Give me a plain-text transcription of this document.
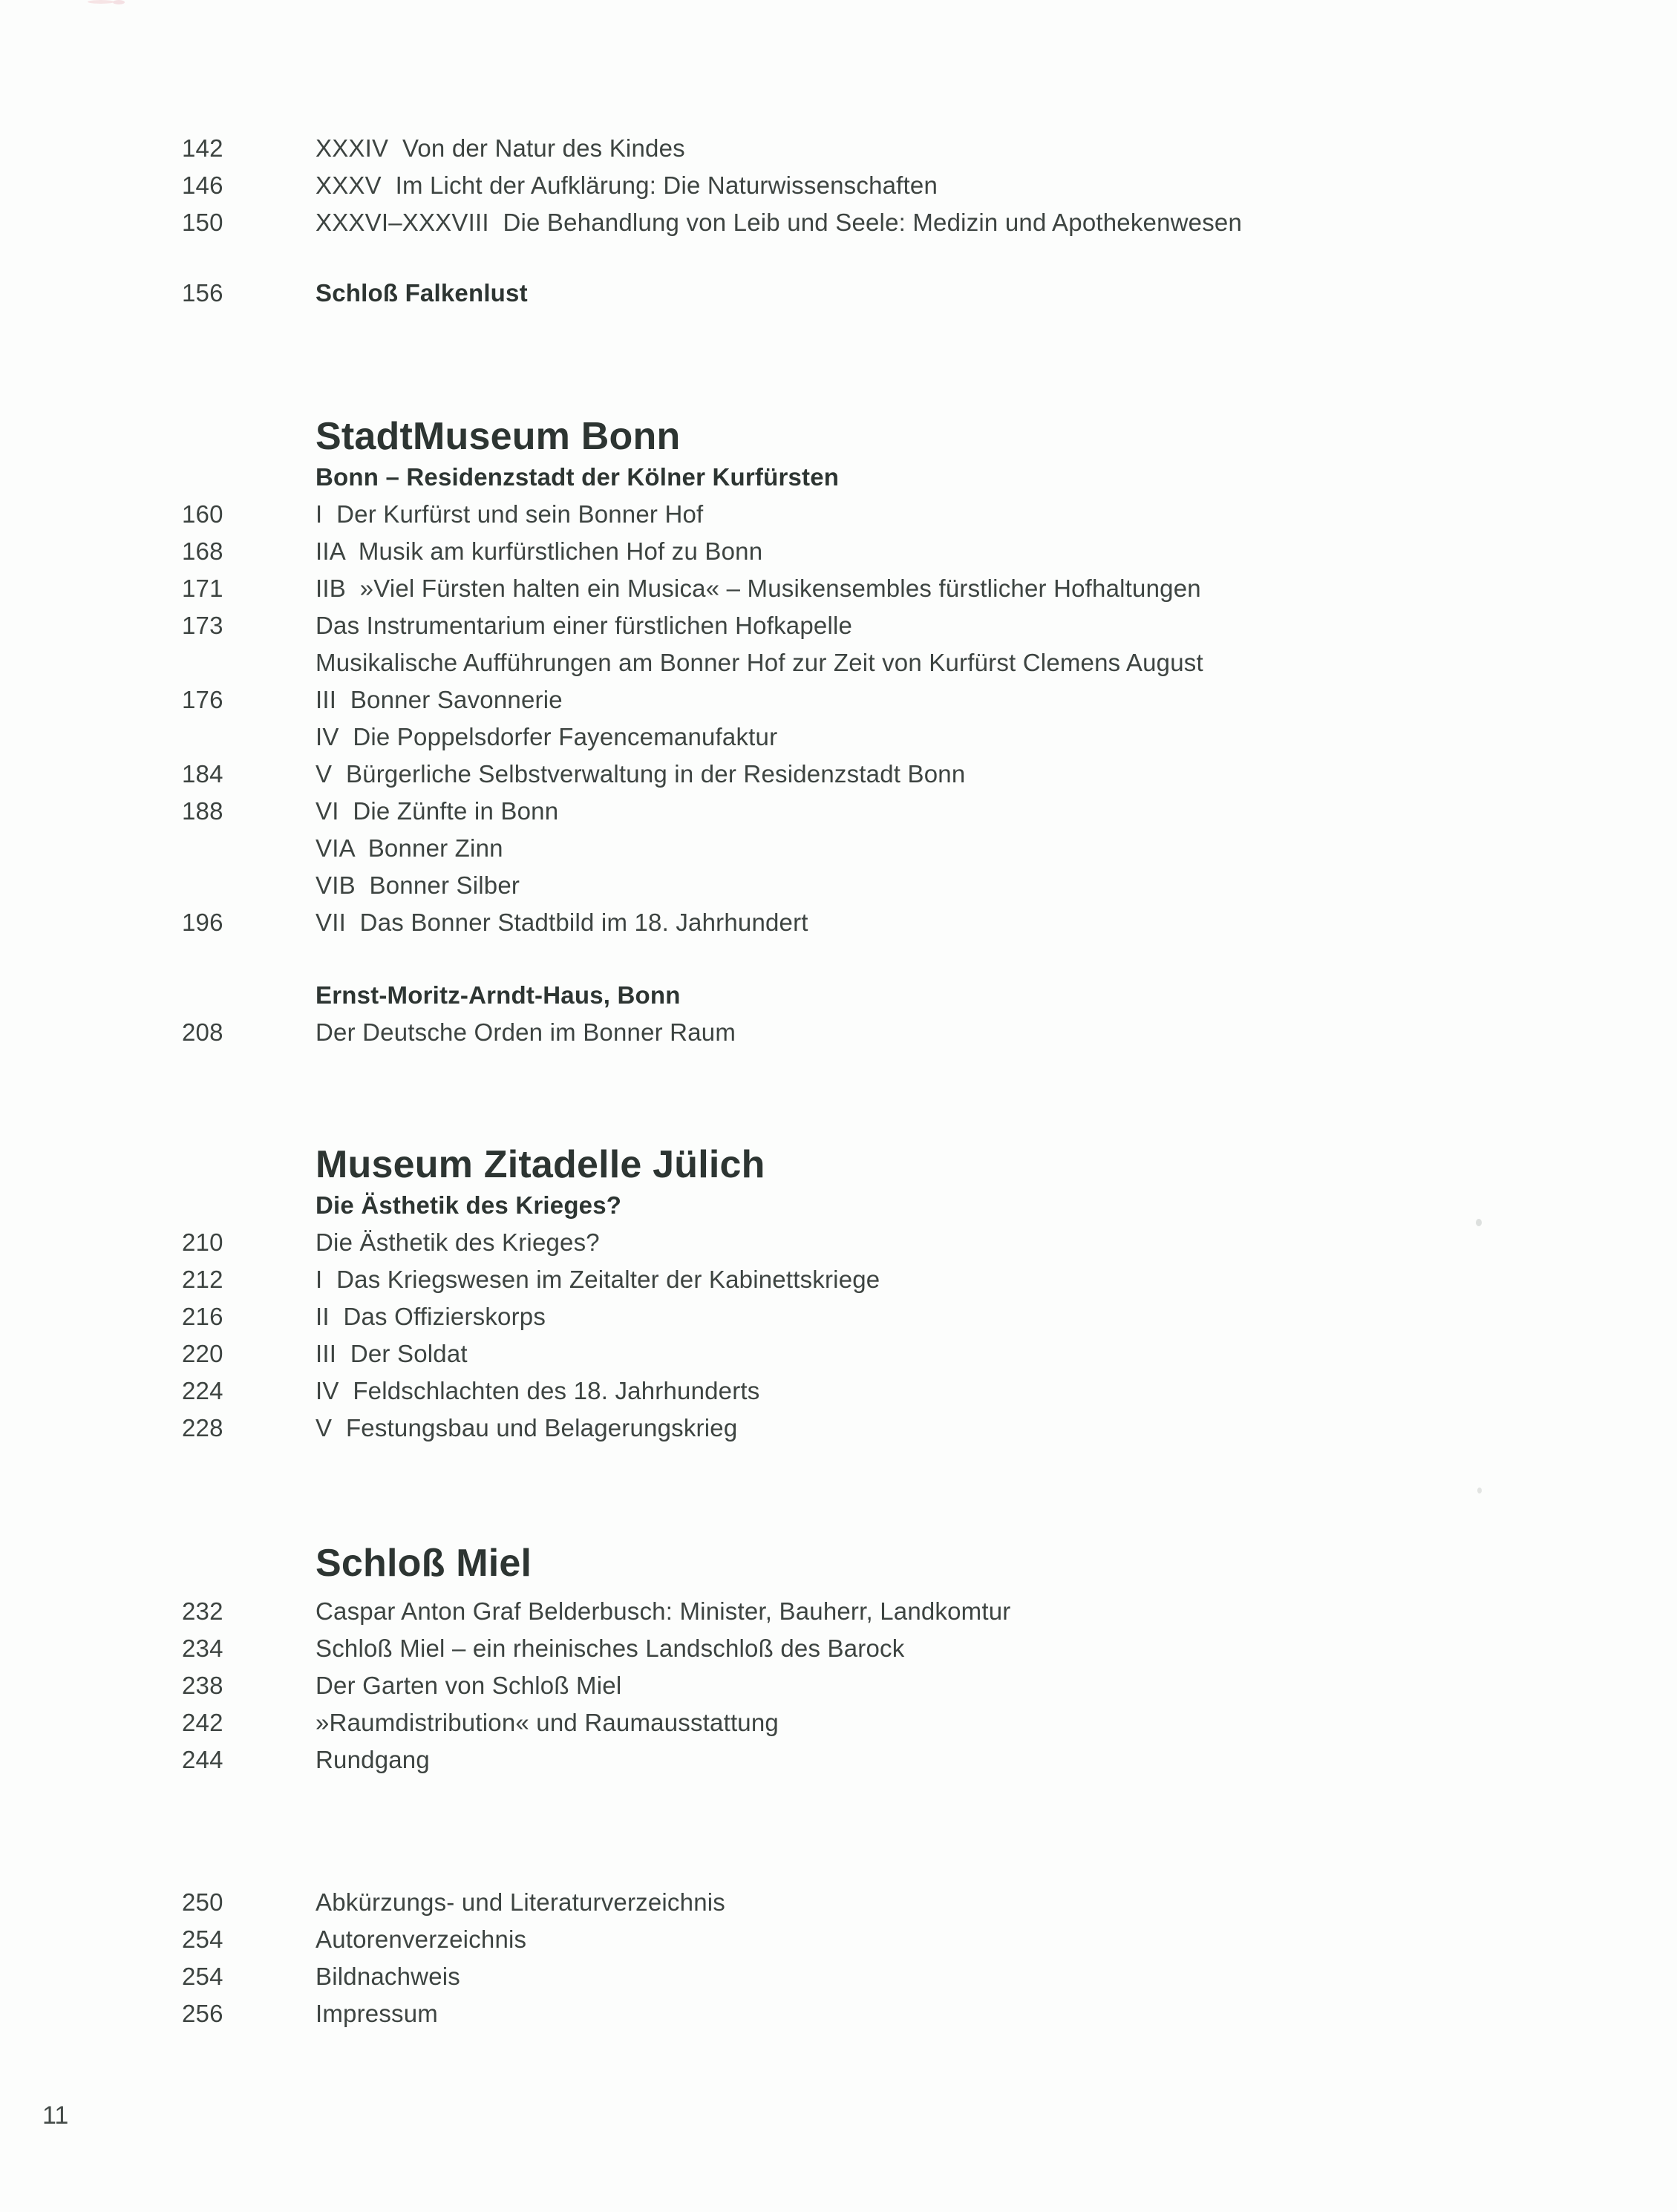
142	XXXIV  Von der Natur des Kindes
146	XXXV  Im Licht der Aufklärung: Die Naturwissenschaften
150	XXXVI–XXXVIII  Die Behandlung von Leib und Seele: Medizin und Apothekenwesen
156	Schloß Falkenlust
StadtMuseum Bonn
Bonn – Residenzstadt der Kölner Kurfürsten
160	I  Der Kurfürst und sein Bonner Hof
168	IIA  Musik am kurfürstlichen Hof zu Bonn
171	IIB  »Viel Fürsten halten ein Musica« – Musikensembles fürstlicher Hofhaltungen
173	Das Instrumentarium einer fürstlichen Hofkapelle
Musikalische Aufführungen am Bonner Hof zur Zeit von Kurfürst Clemens August
176	III  Bonner Savonnerie
IV  Die Poppelsdorfer Fayencemanufaktur
184	V  Bürgerliche Selbstverwaltung in der Residenzstadt Bonn
188	VI  Die Zünfte in Bonn
VIA  Bonner Zinn
VIB  Bonner Silber
196	VII  Das Bonner Stadtbild im 18. Jahrhundert
Ernst-Moritz-Arndt-Haus, Bonn
208	Der Deutsche Orden im Bonner Raum
Museum Zitadelle Jülich
Die Ästhetik des Krieges?
210	Die Ästhetik des Krieges?
212	I  Das Kriegswesen im Zeitalter der Kabinettskriege
216	II  Das Offizierskorps
220	III  Der Soldat
224	IV  Feldschlachten des 18. Jahrhunderts
228	V  Festungsbau und Belagerungskrieg
Schloß Miel
232	Caspar Anton Graf Belderbusch: Minister, Bauherr, Landkomtur
234	Schloß Miel – ein rheinisches Landschloß des Barock
238	Der Garten von Schloß Miel
242	»Raumdistribution« und Raumausstattung
244	Rundgang
250	Abkürzungs- und Literaturverzeichnis
254	Autorenverzeichnis
254	Bildnachweis
256	Impressum
11
